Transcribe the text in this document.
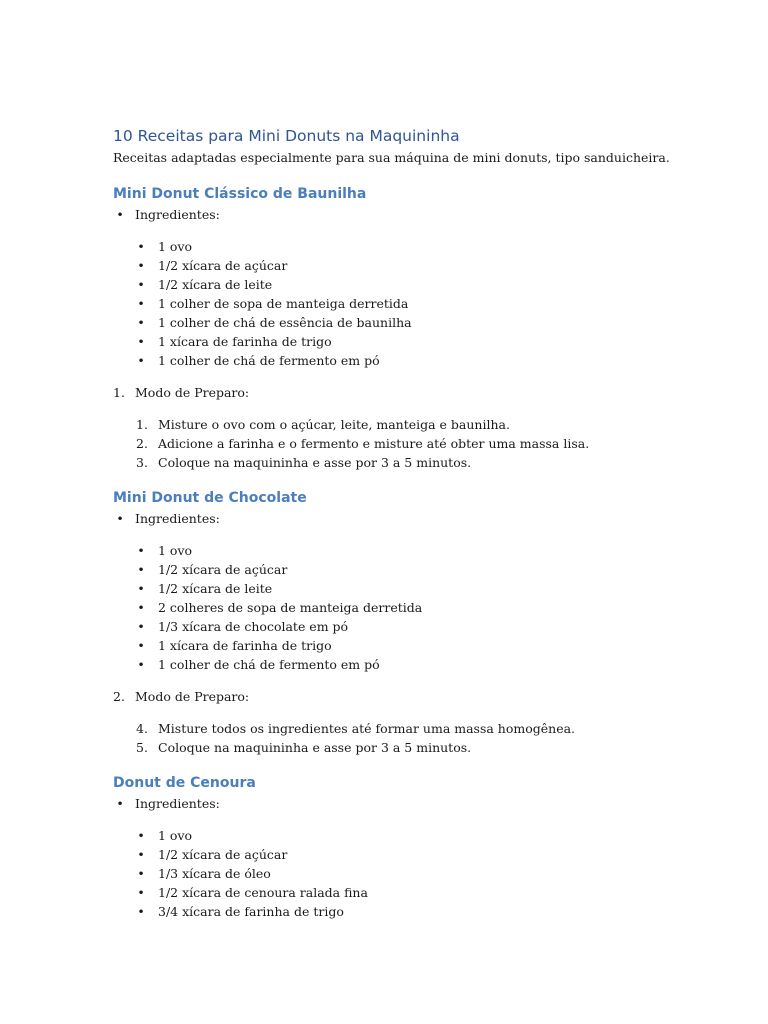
10 Receitas para Mini Donuts na Maquininha

Receitas adaptadas especialmente para sua máquina de mini donuts, tipo sanduicheira.

Mini Donut Clássico de Baunilha
• Ingredientes:
• 1 ovo
• 1/2 xícara de açúcar
• 1/2 xícara de leite
• 1 colher de sopa de manteiga derretida
• 1 colher de chá de essência de baunilha
• 1 xícara de farinha de trigo
• 1 colher de chá de fermento em pó
1. Modo de Preparo:
1. Misture o ovo com o açúcar, leite, manteiga e baunilha.
2. Adicione a farinha e o fermento e misture até obter uma massa lisa.
3. Coloque na maquininha e asse por 3 a 5 minutos.
Mini Donut de Chocolate
• Ingredientes:
• 1 ovo
• 1/2 xícara de açúcar
• 1/2 xícara de leite
• 2 colheres de sopa de manteiga derretida
• 1/3 xícara de chocolate em pó
• 1 xícara de farinha de trigo
• 1 colher de chá de fermento em pó
2. Modo de Preparo:
4. Misture todos os ingredientes até formar uma massa homogênea.
5. Coloque na maquininha e asse por 3 a 5 minutos.
Donut de Cenoura
• Ingredientes:
• 1 ovo
• 1/2 xícara de açúcar
• 1/3 xícara de óleo
• 1/2 xícara de cenoura ralada fina
• 3/4 xícara de farinha de trigo
